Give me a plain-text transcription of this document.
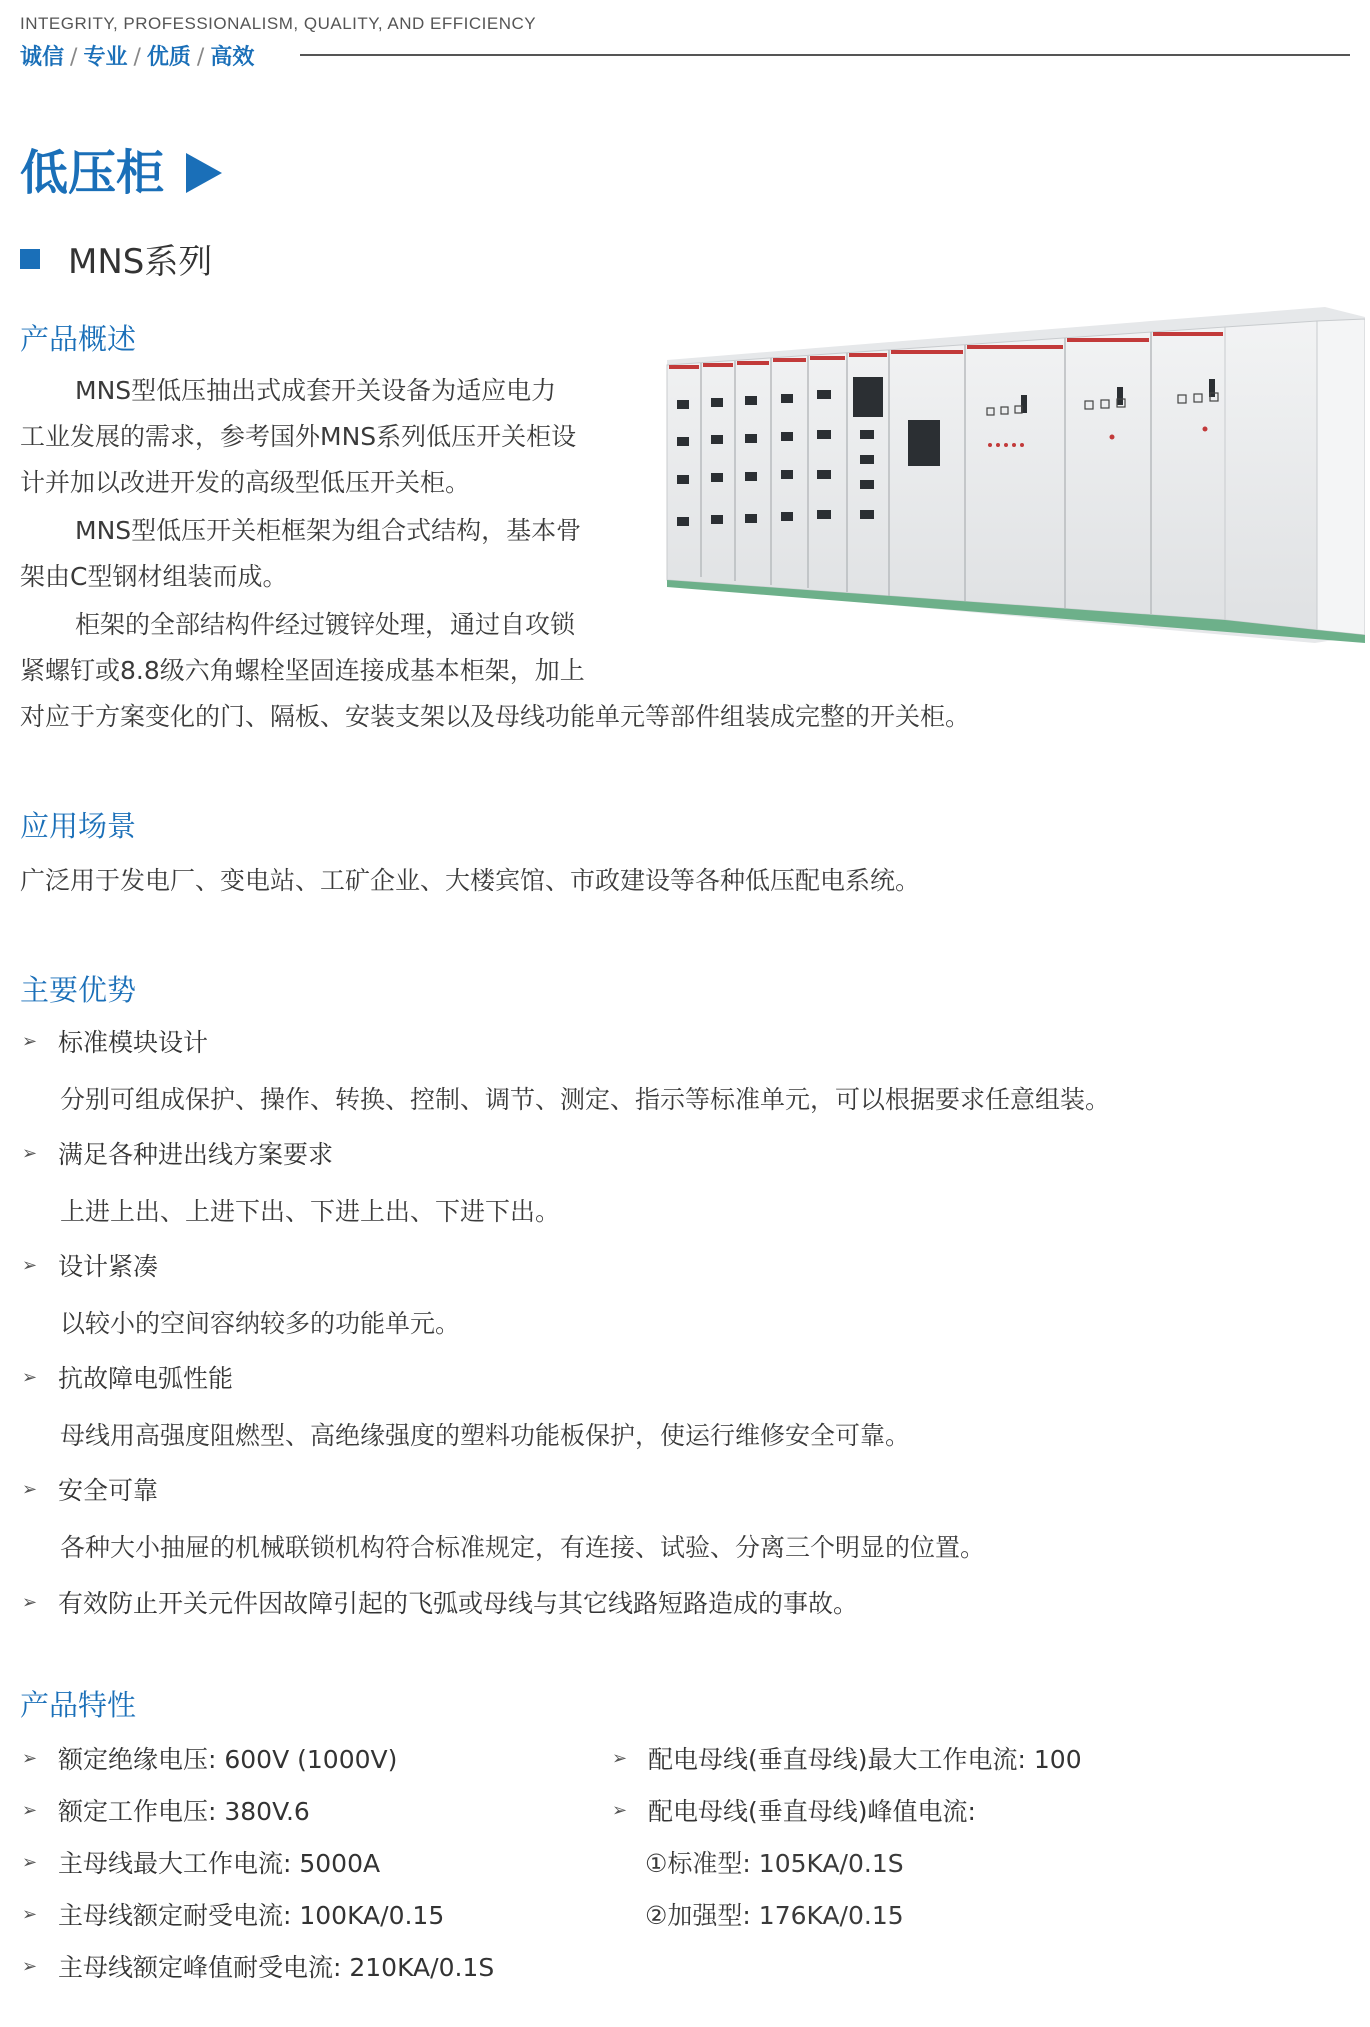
INTEGRITY, PROFESSIONALISM, QUALITY, AND EFFICIENCY
诚信 / 专业 / 优质 / 高效
低压柜
MNS系列
产品概述
MNS型低压抽出式成套开关设备为适应电力
工业发展的需求，参考国外MNS系列低压开关柜设
计并加以改进开发的高级型低压开关柜。
MNS型低压开关柜框架为组合式结构，基本骨
架由C型钢材组装而成。
柜架的全部结构件经过镀锌处理，通过自攻锁
紧螺钉或8.8级六角螺栓坚固连接成基本柜架，加上
对应于方案变化的门、隔板、安装支架以及母线功能单元等部件组装成完整的开关柜。
应用场景
广泛用于发电厂、变电站、工矿企业、大楼宾馆、市政建设等各种低压配电系统。
主要优势
➢ 标准模块设计
分别可组成保护、操作、转换、控制、调节、测定、指示等标准单元，可以根据要求任意组装。
➢ 满足各种进出线方案要求
上进上出、上进下出、下进上出、下进下出。
➢ 设计紧凑
以较小的空间容纳较多的功能单元。
➢ 抗故障电弧性能
母线用高强度阻燃型、高绝缘强度的塑料功能板保护，使运行维修安全可靠。
➢ 安全可靠
各种大小抽屉的机械联锁机构符合标准规定，有连接、试验、分离三个明显的位置。
➢ 有效防止开关元件因故障引起的飞弧或母线与其它线路短路造成的事故。
产品特性
➢ 额定绝缘电压: 600V (1000V)
➢ 额定工作电压: 380V.6
➢ 主母线最大工作电流: 5000A
➢ 主母线额定耐受电流: 100KA/0.15
➢ 主母线额定峰值耐受电流: 210KA/0.1S
➢ 配电母线(垂直母线)最大工作电流: 100
➢ 配电母线(垂直母线)峰值电流:
①标准型: 105KA/0.1S
②加强型: 176KA/0.15
